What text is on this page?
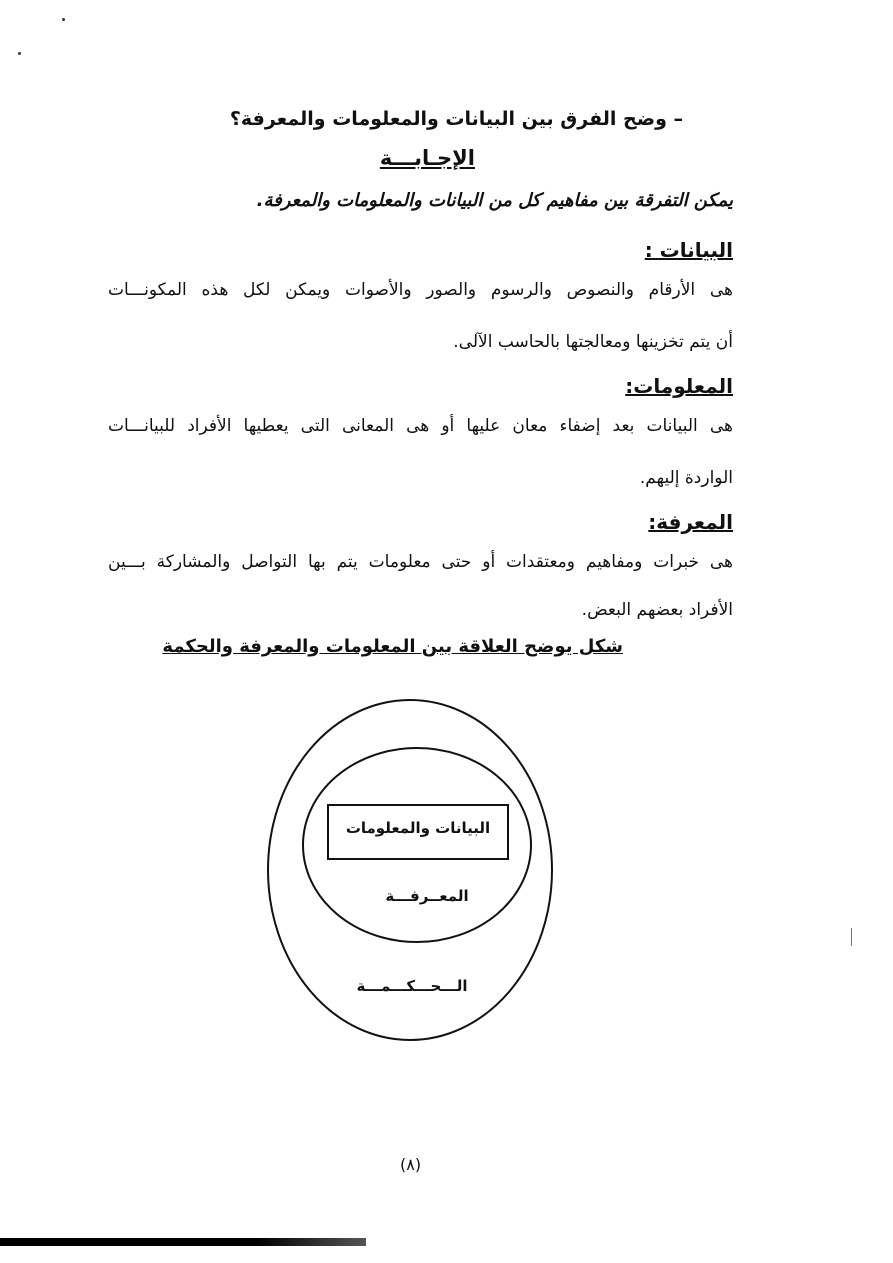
– وضح الفرق بين البيانات والمعلومات والمعرفة؟
الإجـابـــة
يمكن التفرقة بين مفاهيم كل من البيانات والمعلومات والمعرفة.
البيانات :
هى الأرقام والنصوص والرسوم والصور والأصوات ويمكن لكل هذه المكونـــات
أن يتم تخزينها ومعالجتها بالحاسب الآلى.
المعلومات:
هى البيانات بعد إضفاء معان عليها أو هى المعانى التى يعطيها الأفراد للبيانـــات
الواردة إليهم.
المعرفة:
هى خبرات ومفاهيم ومعتقدات أو حتى معلومات يتم بها التواصل والمشاركة بـــين
الأفراد بعضهم البعض.
شكل يوضح العلاقة بين المعلومات والمعرفة والحكمة
البيانات والمعلومات
المعــرفـــة
الـــحـــكـــمـــة
(٨)
